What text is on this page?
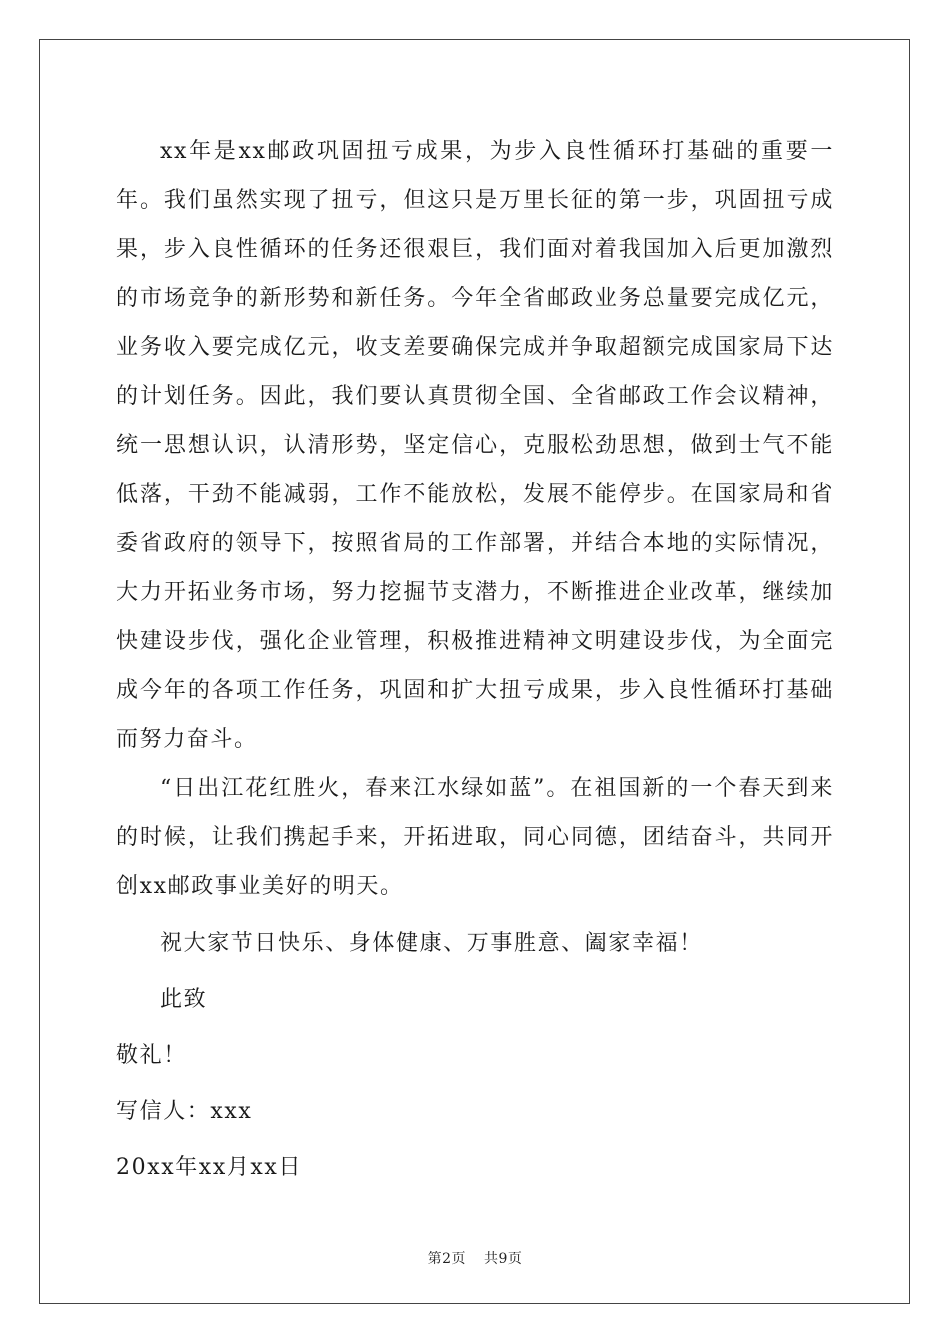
xx年是xx邮政巩固扭亏成果，为步入良性循环打基础的重要一年。我们虽然实现了扭亏，但这只是万里长征的第一步，巩固扭亏成果，步入良性循环的任务还很艰巨，我们面对着我国加入后更加激烈的市场竞争的新形势和新任务。今年全省邮政业务总量要完成亿元，业务收入要完成亿元，收支差要确保完成并争取超额完成国家局下达的计划任务。因此，我们要认真贯彻全国、全省邮政工作会议精神，统一思想认识，认清形势，坚定信心，克服松劲思想，做到士气不能低落，干劲不能减弱，工作不能放松，发展不能停步。在国家局和省委省政府的领导下，按照省局的工作部署，并结合本地的实际情况，大力开拓业务市场，努力挖掘节支潜力，不断推进企业改革，继续加快建设步伐，强化企业管理，积极推进精神文明建设步伐，为全面完成今年的各项工作任务，巩固和扩大扭亏成果，步入良性循环打基础而努力奋斗。

“日出江花红胜火，春来江水绿如蓝”。在祖国新的一个春天到来的时候，让我们携起手来，开拓进取，同心同德，团结奋斗，共同开创xx邮政事业美好的明天。

祝大家节日快乐、身体健康、万事胜意、阖家幸福！

此致

敬礼！

写信人：xxx

20xx年xx月xx日

第2页 共9页
